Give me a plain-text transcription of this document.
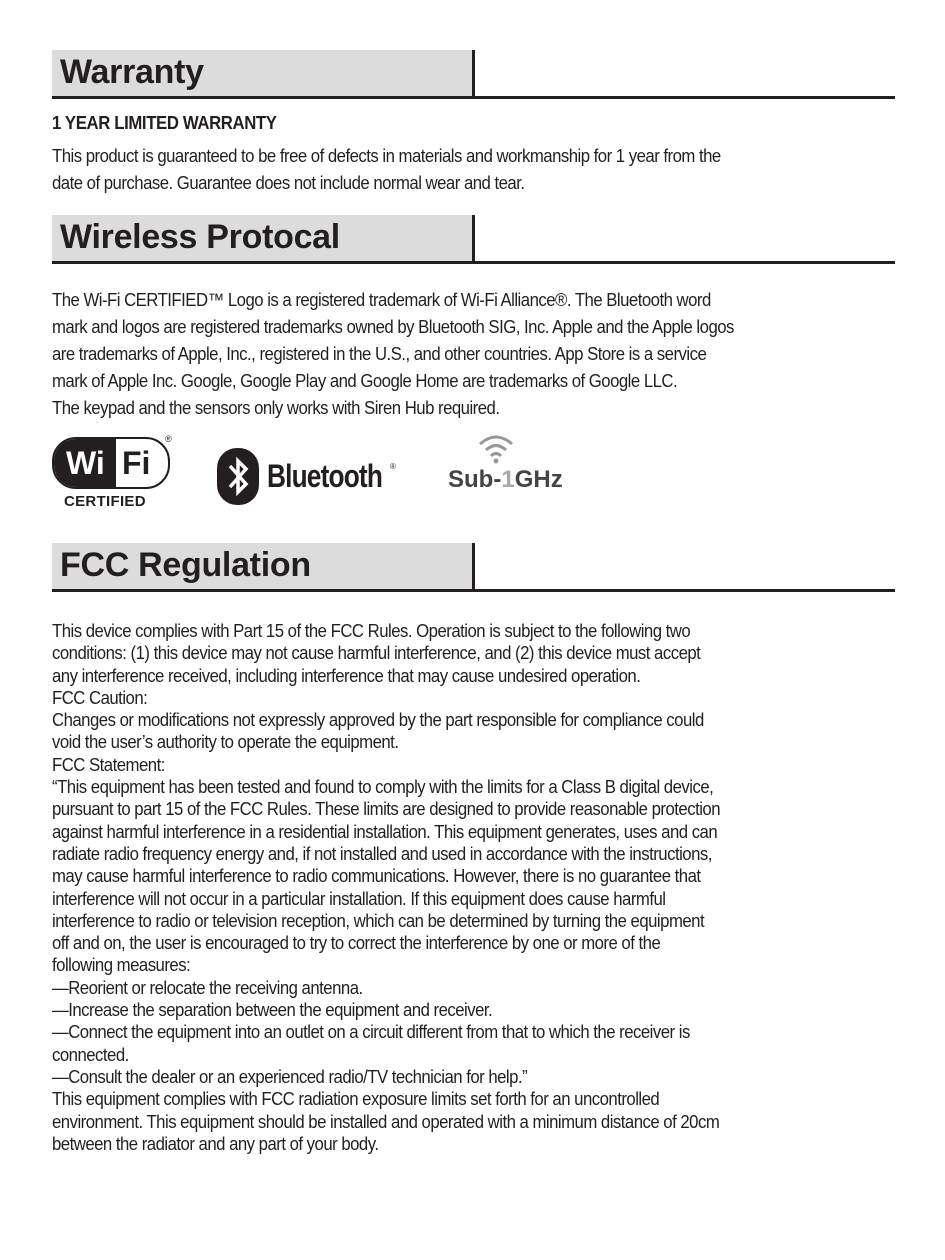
Warranty
1 YEAR LIMITED WARRANTY
This product is guaranteed to be free of defects in materials and workmanship for 1 year from the
date of purchase. Guarantee does not include normal wear and tear.
Wireless Protocal
The Wi-Fi CERTIFIED™ Logo is a registered trademark of Wi-Fi Alliance®. The Bluetooth word
mark and logos are registered trademarks owned by Bluetooth SIG, Inc. Apple and the Apple logos
are trademarks of Apple, Inc., registered in the U.S., and other countries. App Store is a service
mark of Apple Inc. Google, Google Play and Google Home are trademarks of Google LLC.
The keypad and the sensors only works with Siren Hub required.
Wi Fi
®
CERTIFIED
Bluetooth ® Sub-1GHz
FCC Regulation
This device complies with Part 15 of the FCC Rules. Operation is subject to the following two
conditions: (1) this device may not cause harmful interference, and (2) this device must accept
any interference received, including interference that may cause undesired operation.
FCC Caution:
Changes or modifications not expressly approved by the part responsible for compliance could
void the user’s authority to operate the equipment.
FCC Statement:
“This equipment has been tested and found to comply with the limits for a Class B digital device,
pursuant to part 15 of the FCC Rules. These limits are designed to provide reasonable protection
against harmful interference in a residential installation. This equipment generates, uses and can
radiate radio frequency energy and, if not installed and used in accordance with the instructions,
may cause harmful interference to radio communications. However, there is no guarantee that
interference will not occur in a particular installation. If this equipment does cause harmful
interference to radio or television reception, which can be determined by turning the equipment
off and on, the user is encouraged to try to correct the interference by one or more of the
following measures:
—Reorient or relocate the receiving antenna.
—Increase the separation between the equipment and receiver.
—Connect the equipment into an outlet on a circuit different from that to which the receiver is
connected.
—Consult the dealer or an experienced radio/TV technician for help.”
This equipment complies with FCC radiation exposure limits set forth for an uncontrolled
environment. This equipment should be installed and operated with a minimum distance of 20cm
between the radiator and any part of your body.
